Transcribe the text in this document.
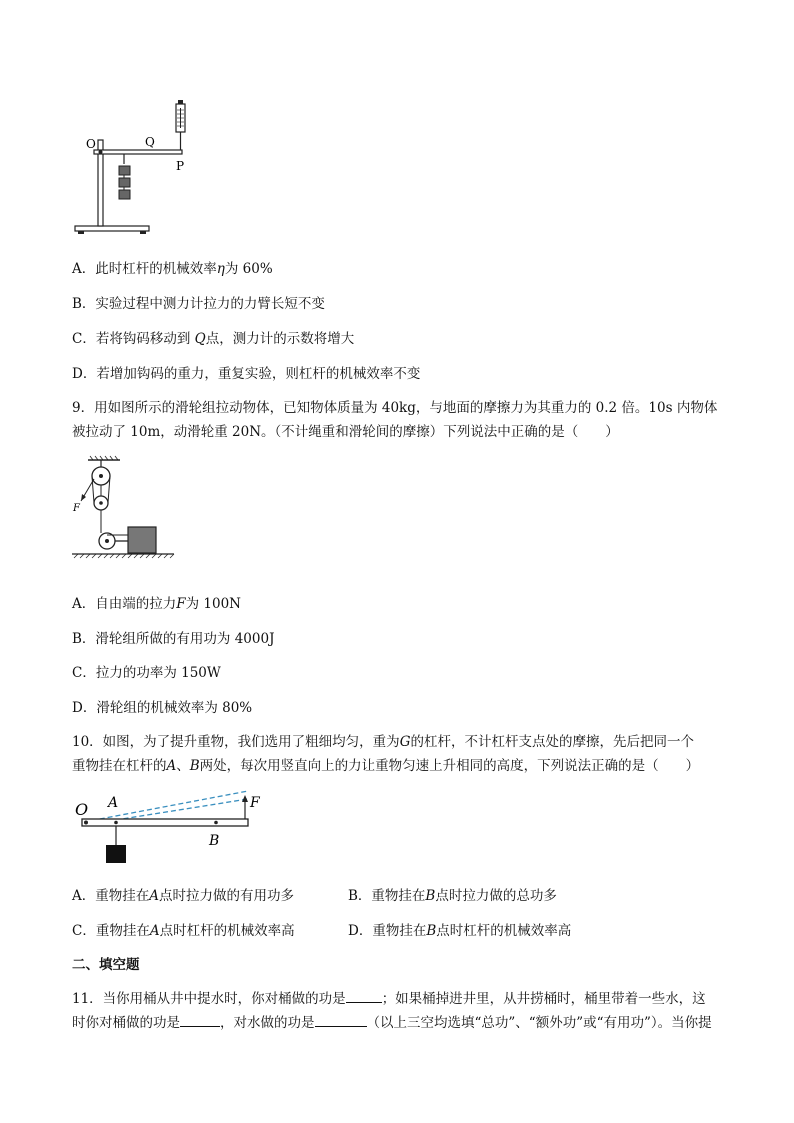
O	Q
P
A．此时杠杆的机械效率η为 60%
B．实验过程中测力计拉力的力臂长短不变
C．若将钩码移动到 Q点，测力计的示数将增大
D．若增加钩码的重力，重复实验，则杠杆的机械效率不变
9．用如图所示的滑轮组拉动物体，已知物体质量为 40kg，与地面的摩擦力为其重力的 0.2 倍。10s 内物体
被拉动了 10m，动滑轮重 20N。（不计绳重和滑轮间的摩擦）下列说法中正确的是（　　）
F
A．自由端的拉力F为 100N
B．滑轮组所做的有用功为 4000J
C．拉力的功率为 150W
D．滑轮组的机械效率为 80%
10．如图，为了提升重物，我们选用了粗细均匀，重为G的杠杆，不计杠杆支点处的摩擦，先后把同一个
重物挂在杠杆的A、B两处，每次用竖直向上的力让重物匀速上升相同的高度，下列说法正确的是（　　）
O A
B
F
A．重物挂在A点时拉力做的有用功多	B．重物挂在B点时拉力做的总功多
C．重物挂在A点时杠杆的机械效率高	D．重物挂在B点时杠杆的机械效率高
二、填空题
11．当你用桶从井中提水时，你对桶做的功是	；如果桶掉进井里，从井捞桶时，桶里带着一些水，这
时你对桶做的功是	，对水做的功是	（以上三空均选填“总功”、“额外功”或“有用功”）。当你提
